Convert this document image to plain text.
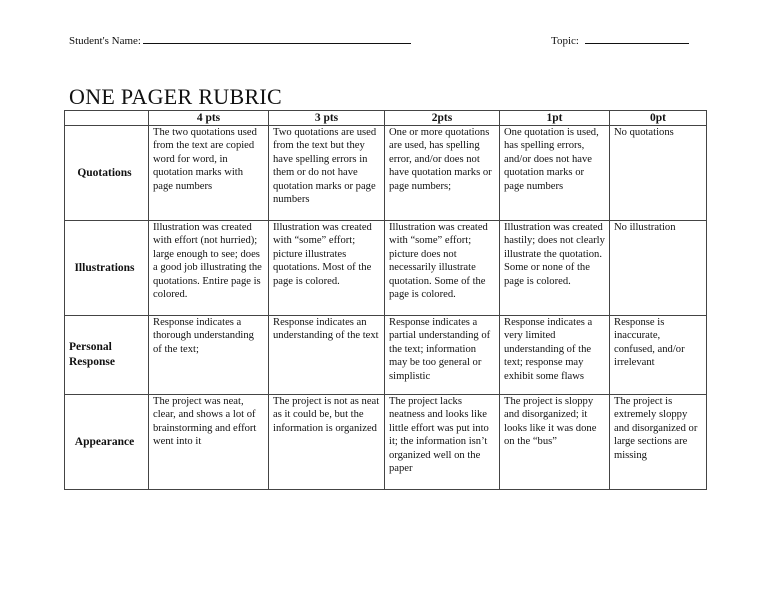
Student's Name:	Topic:
ONE PAGER RUBRIC
	4 pts	3 pts	2pts	1pt	0pt
Quotations	The two quotations used from the text are copied word for word, in quotation marks with page numbers	Two quotations are used from the text but they have spelling errors in them or do not have quotation marks or page numbers	One or more quotations are used, has spelling error, and/or does not have quotation marks or page numbers;	One quotation is used, has spelling errors, and/or does not have quotation marks or page numbers	No quotations
Illustrations	Illustration was created with effort (not hurried); large enough to see; does a good job illustrating the quotations. Entire page is colored.	Illustration was created with “some” effort; picture illustrates quotations. Most of the page is colored.	Illustration was created with “some” effort; picture does not necessarily illustrate quotation. Some of the page is colored.	Illustration was created hastily; does not clearly illustrate the quotation. Some or none of the page is colored.	No illustration
Personal Response	Response indicates a thorough understanding of the text;	Response indicates an understanding of the text	Response indicates a partial understanding of the text; information may be too general or simplistic	Response indicates a very limited understanding of the text; response may exhibit some flaws	Response is inaccurate, confused, and/or irrelevant
Appearance	The project was neat, clear, and shows a lot of brainstorming and effort went into it	The project is not as neat as it could be, but the information is organized	The project lacks neatness and looks like little effort was put into it; the information isn’t organized well on the paper	The project is sloppy and disorganized; it looks like it was done on the “bus”	The project is extremely sloppy and disorganized or large sections are missing
